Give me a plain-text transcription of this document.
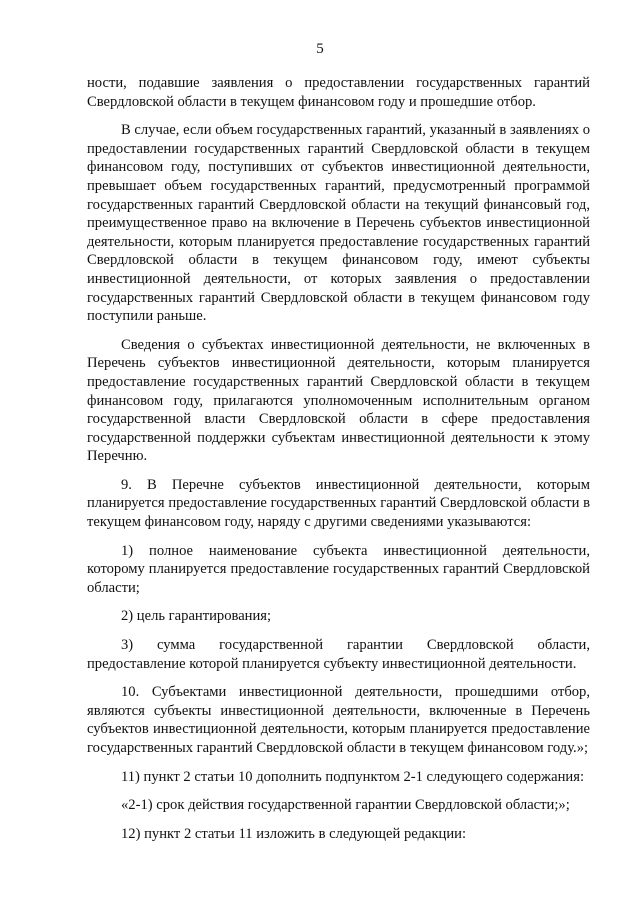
5

ности, подавшие заявления о предоставлении государственных гарантий Свердловской области в текущем финансовом году и прошедшие отбор.

В случае, если объем государственных гарантий, указанный в заявлениях о предоставлении государственных гарантий Свердловской области в текущем финансовом году, поступивших от субъектов инвестиционной деятельности, превышает объем государственных гарантий, предусмотренный программой государственных гарантий Свердловской области на текущий финансовый год, преимущественное право на включение в Перечень субъектов инвестиционной деятельности, которым планируется предоставление государственных гарантий Свердловской области в текущем финансовом году, имеют субъекты инвестиционной деятельности, от которых заявления о предоставлении государственных гарантий Свердловской области в текущем финансовом году поступили раньше.

Сведения о субъектах инвестиционной деятельности, не включенных в Перечень субъектов инвестиционной деятельности, которым планируется предоставление государственных гарантий Свердловской области в текущем финансовом году, прилагаются уполномоченным исполнительным органом государственной власти Свердловской области в сфере предоставления государственной поддержки субъектам инвестиционной деятельности к этому Перечню.

9. В Перечне субъектов инвестиционной деятельности, которым планируется предоставление государственных гарантий Свердловской области в текущем финансовом году, наряду с другими сведениями указываются:

1) полное наименование субъекта инвестиционной деятельности, которому планируется предоставление государственных гарантий Свердловской области;

2) цель гарантирования;

3) сумма государственной гарантии Свердловской области, предоставление которой планируется субъекту инвестиционной деятельности.

10. Субъектами инвестиционной деятельности, прошедшими отбор, являются субъекты инвестиционной деятельности, включенные в Перечень субъектов инвестиционной деятельности, которым планируется предоставление государственных гарантий Свердловской области в текущем финансовом году.»;

11) пункт 2 статьи 10 дополнить подпунктом 2-1 следующего содержания:

«2-1) срок действия государственной гарантии Свердловской области;»;

12) пункт 2 статьи 11 изложить в следующей редакции:
